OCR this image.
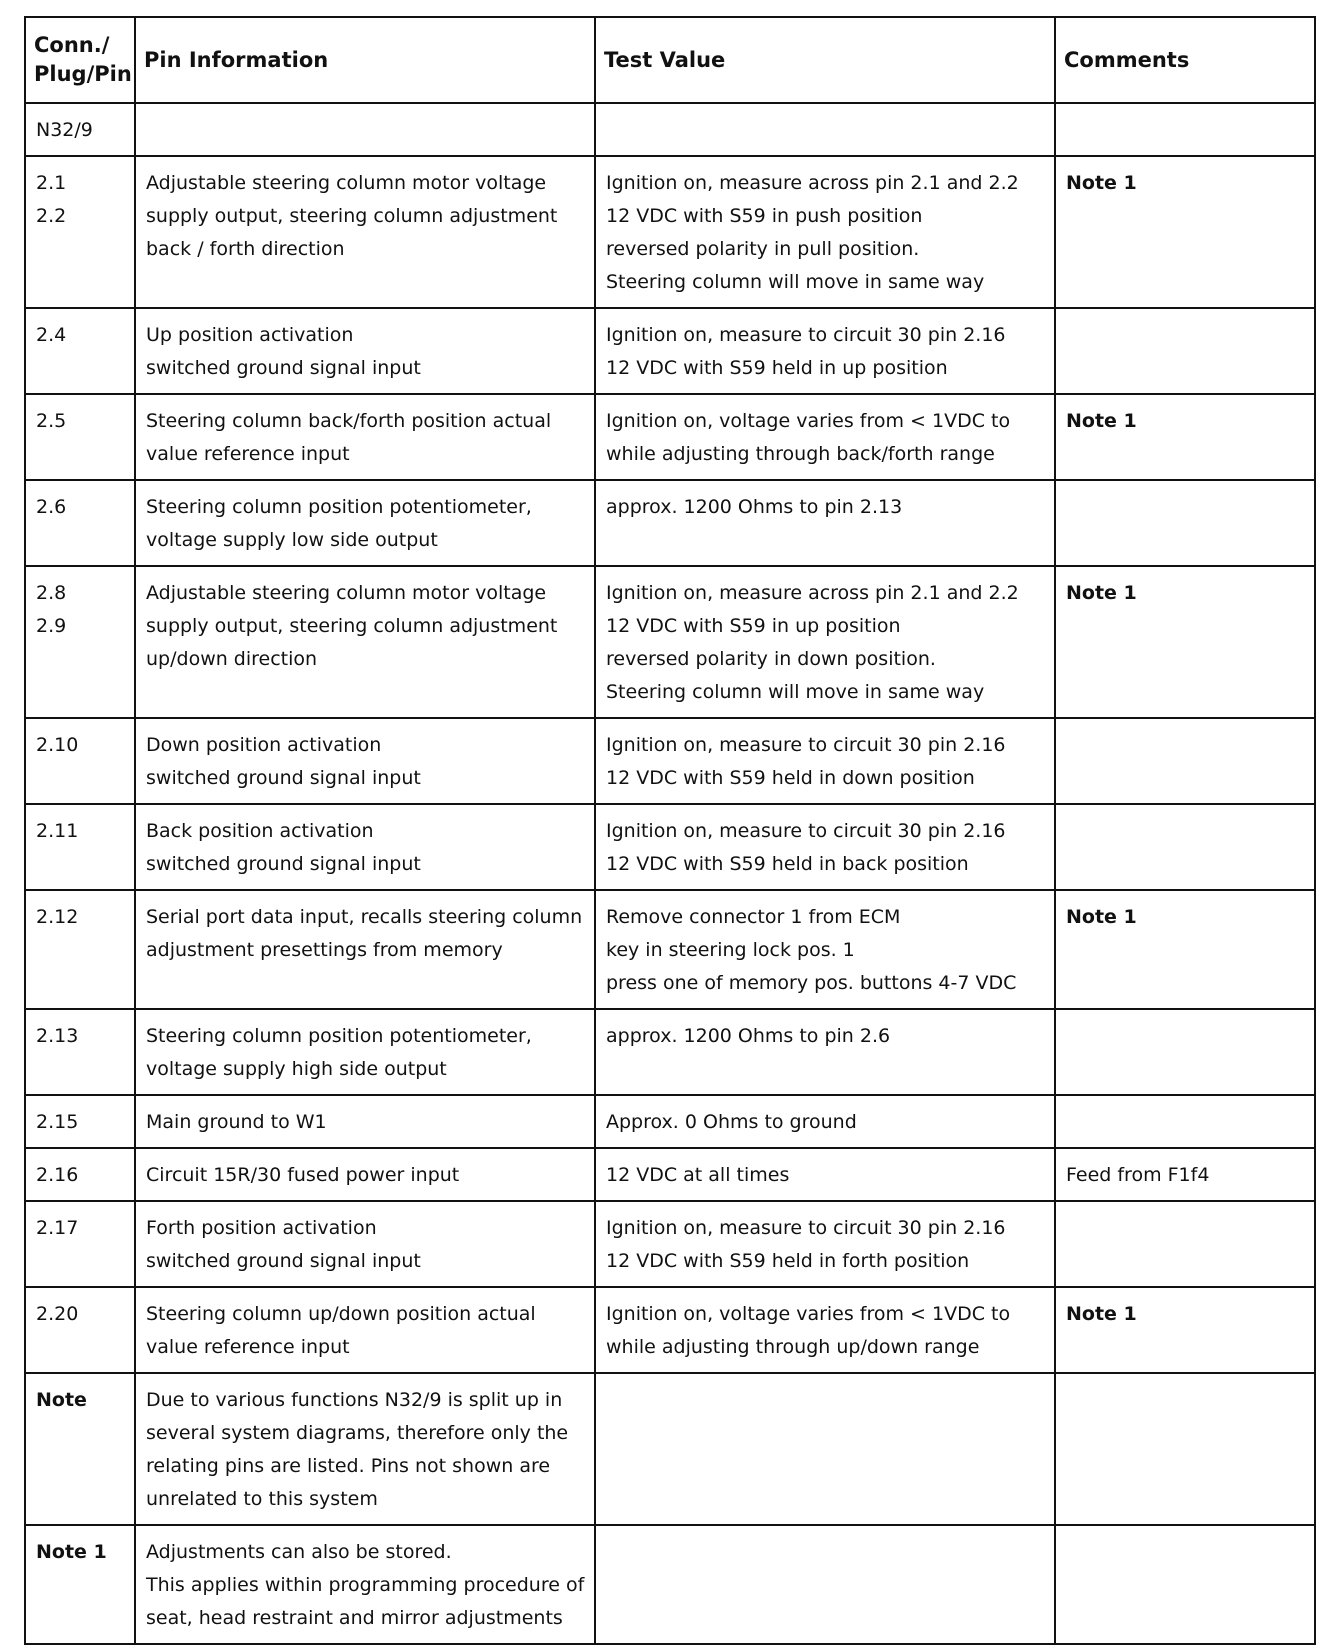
Conn./
Plug/Pin	Pin Information	Test Value	Comments
N32/9			

2.1
2.2	Adjustable steering column motor voltage
supply output, steering column adjustment
back / forth direction	Ignition on, measure across pin 2.1 and 2.2
12 VDC with S59 in push position
reversed polarity in pull position.
Steering column will move in same way	Note 1

2.4	Up position activation
switched ground signal input	Ignition on, measure to circuit 30 pin 2.16
12 VDC with S59 held in up position	

2.5	Steering column back/forth position actual
value reference input	Ignition on, voltage varies from < 1VDC to
while adjusting through back/forth range	Note 1

2.6	Steering column position potentiometer,
voltage supply low side output	approx. 1200 Ohms to pin 2.13	

2.8
2.9	Adjustable steering column motor voltage
supply output, steering column adjustment
up/down direction	Ignition on, measure across pin 2.1 and 2.2
12 VDC with S59 in up position
reversed polarity in down position.
Steering column will move in same way	Note 1

2.10	Down position activation
switched ground signal input	Ignition on, measure to circuit 30 pin 2.16
12 VDC with S59 held in down position	

2.11	Back position activation
switched ground signal input	Ignition on, measure to circuit 30 pin 2.16
12 VDC with S59 held in back position	

2.12	Serial port data input, recalls steering column
adjustment presettings from memory	Remove connector 1 from ECM
key in steering lock pos. 1
press one of memory pos. buttons 4-7 VDC	Note 1

2.13	Steering column position potentiometer,
voltage supply high side output	approx. 1200 Ohms to pin 2.6	

2.15	Main ground to W1	Approx. 0 Ohms to ground	

2.16	Circuit 15R/30 fused power input	12 VDC at all times	Feed from F1f4

2.17	Forth position activation
switched ground signal input	Ignition on, measure to circuit 30 pin 2.16
12 VDC with S59 held in forth position	

2.20	Steering column up/down position actual
value reference input	Ignition on, voltage varies from < 1VDC to
while adjusting through up/down range	Note 1

Note	Due to various functions N32/9 is split up in
several system diagrams, therefore only the
relating pins are listed. Pins not shown are
unrelated to this system		

Note 1	Adjustments can also be stored.
This applies within programming procedure of
seat, head restraint and mirror adjustments		
